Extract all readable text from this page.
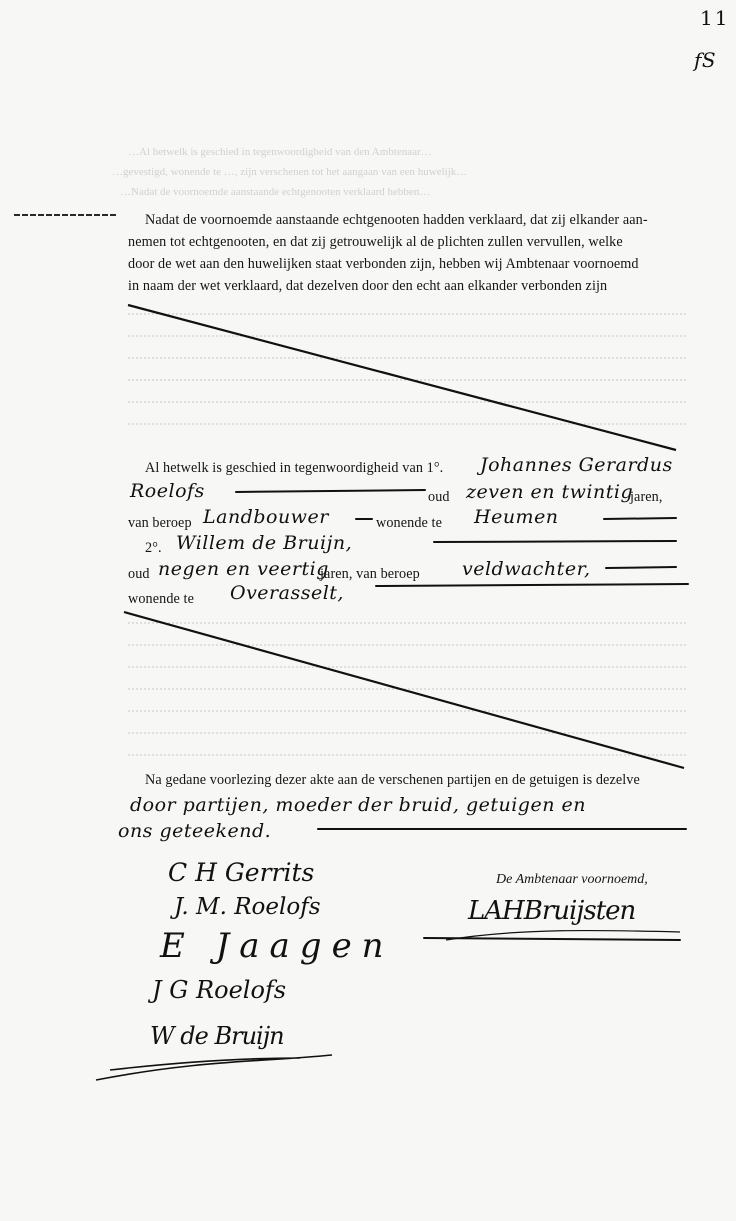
…Al hetwelk is geschied in tegenwoordigheid van den Ambtenaar…
…gevestigd, wonende te …, zijn verschenen tot het aangaan van een huwelijk…
…Nadat de voornoemde aanstaande echtgenooten verklaard hebben…
11
fS
Nadat de voornoemde aanstaande echtgenooten hadden verklaard, dat zij elkander aan-
nemen tot echtgenooten, en dat zij getrouwelijk al de plichten zullen vervullen, welke
door de wet aan den huwelijken staat verbonden zijn, hebben wij Ambtenaar voornoemd
in naam der wet verklaard, dat dezelven door den echt aan elkander verbonden zijn
Al hetwelk is geschied in tegenwoordigheid van 1°. Johannes Gerardus
Roelofs	oud zeven en twintig
jaren,
van beroep Landbouwer	wonende te Heumen
2°. Willem de Bruijn,
oud negen en veertig
jaren, van beroep veldwachter,
wonende te Overasselt,
Na gedane voorlezing dezer akte aan de verschenen partijen en de getuigen is dezelve
door partijen, moeder der bruid, getuigen en
ons geteekend.
De Ambtenaar voornoemd,
LAHBruijsten
C H Gerrits
J. M. Roelofs
E Jaagen
J G Roelofs
W de Bruijn
